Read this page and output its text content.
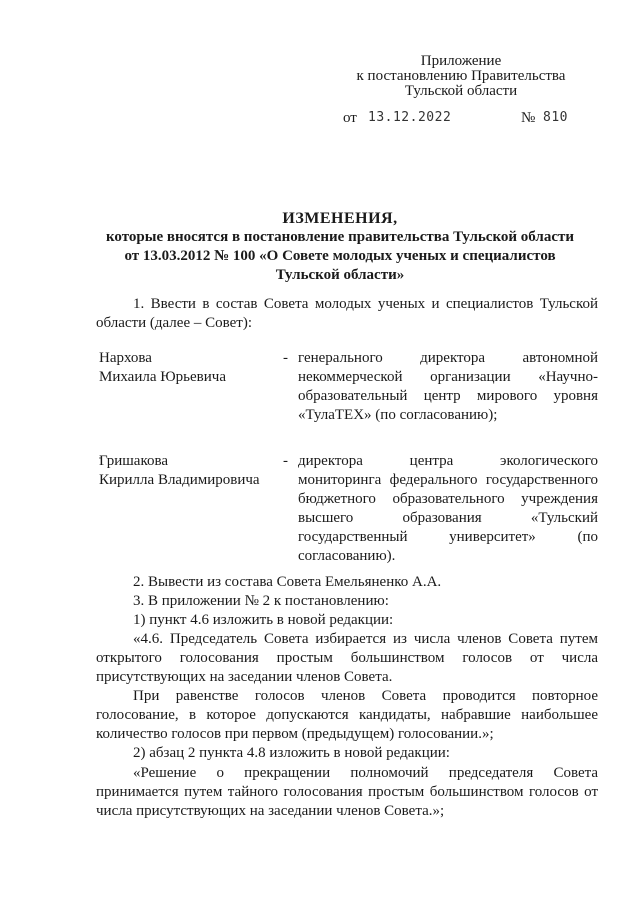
Приложение
к постановлению Правительства
Тульской области
от 13.12.2022	№ 810
ИЗМЕНЕНИЯ,
которые вносятся в постановление правительства Тульской области
от 13.03.2012 № 100 «О Совете молодых ученых и специалистов
Тульской области»
1. Ввести в состав Совета молодых ученых и специалистов Тульской области (далее – Совет):
Нархова
Михаила Юрьевича
- генерального директора автономной некоммерческой организации «Научно-образовательный центр мирового уровня «ТулаТЕХ» (по согласованию);
Гришакова
Кирилла Владимировича
- директора центра экологического мониторинга федерального государственного бюджетного образовательного учреждения высшего образования «Тульский государственный университет» (по согласованию).
2. Вывести из состава Совета Емельяненко А.А.
3. В приложении № 2 к постановлению:
1) пункт 4.6 изложить в новой редакции:
«4.6. Председатель Совета избирается из числа членов Совета путем открытого голосования простым большинством голосов от числа присутствующих на заседании членов Совета.
При равенстве голосов членов Совета проводится повторное голосование, в которое допускаются кандидаты, набравшие наибольшее количество голосов при первом (предыдущем) голосовании.»;
2) абзац 2 пункта 4.8 изложить в новой редакции:
«Решение о прекращении полномочий председателя Совета принимается путем тайного голосования простым большинством голосов от числа присутствующих на заседании членов Совета.»;
